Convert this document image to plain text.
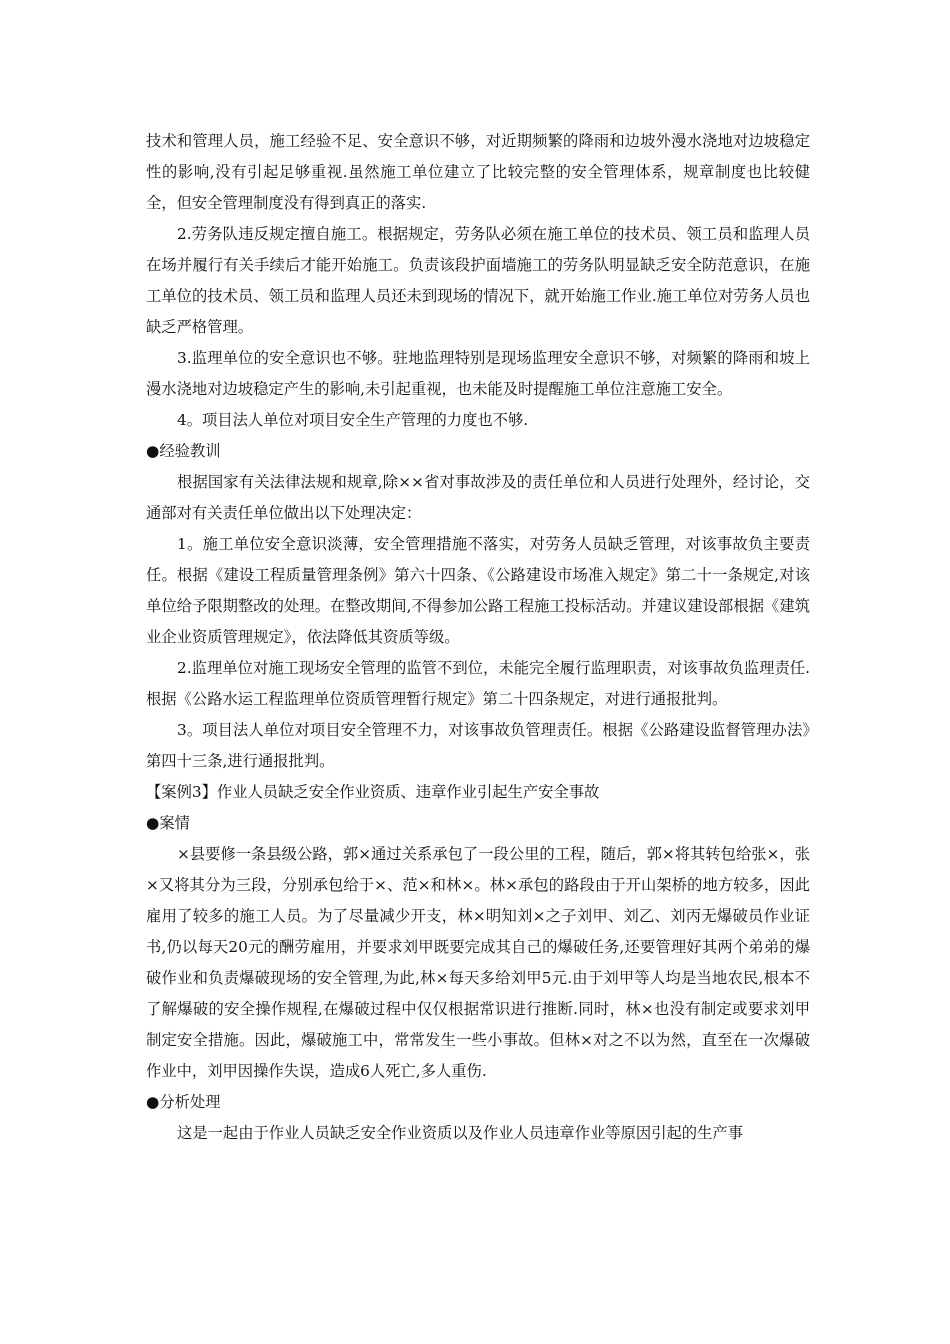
技术和管理人员，施工经验不足、安全意识不够，对近期频繁的降雨和边坡外漫水浇地对边坡稳定性的影响,没有引起足够重视.虽然施工单位建立了比较完整的安全管理体系，规章制度也比较健全，但安全管理制度没有得到真正的落实.

2.劳务队违反规定擅自施工。根据规定，劳务队必须在施工单位的技术员、领工员和监理人员在场并履行有关手续后才能开始施工。负责该段护面墙施工的劳务队明显缺乏安全防范意识，在施工单位的技术员、领工员和监理人员还未到现场的情况下，就开始施工作业.施工单位对劳务人员也缺乏严格管理。

3.监理单位的安全意识也不够。驻地监理特别是现场监理安全意识不够，对频繁的降雨和坡上漫水浇地对边坡稳定产生的影响,未引起重视，也未能及时提醒施工单位注意施工安全。

4。项目法人单位对项目安全生产管理的力度也不够.

●经验教训

根据国家有关法律法规和规章,除××省对事故涉及的责任单位和人员进行处理外，经讨论，交通部对有关责任单位做出以下处理决定：

1。施工单位安全意识淡薄，安全管理措施不落实，对劳务人员缺乏管理，对该事故负主要责任。根据《建设工程质量管理条例》第六十四条、《公路建设市场准入规定》第二十一条规定,对该单位给予限期整改的处理。在整改期间,不得参加公路工程施工投标活动。并建议建设部根据《建筑业企业资质管理规定》，依法降低其资质等级。

2.监理单位对施工现场安全管理的监管不到位，未能完全履行监理职责，对该事故负监理责任.根据《公路水运工程监理单位资质管理暂行规定》第二十四条规定，对进行通报批判。

3。项目法人单位对项目安全管理不力，对该事故负管理责任。根据《公路建设监督管理办法》第四十三条,进行通报批判。

【案例3】作业人员缺乏安全作业资质、违章作业引起生产安全事故

●案情

×县要修一条县级公路，郭×通过关系承包了一段公里的工程，随后，郭×将其转包给张×，张×又将其分为三段，分别承包给于×、范×和林×。林×承包的路段由于开山架桥的地方较多，因此雇用了较多的施工人员。为了尽量减少开支，林×明知刘×之子刘甲、刘乙、刘丙无爆破员作业证书,仍以每天20元的酬劳雇用，并要求刘甲既要完成其自己的爆破任务,还要管理好其两个弟弟的爆破作业和负责爆破现场的安全管理,为此,林×每天多给刘甲5元.由于刘甲等人均是当地农民,根本不了解爆破的安全操作规程,在爆破过程中仅仅根据常识进行推断.同时，林×也没有制定或要求刘甲制定安全措施。因此，爆破施工中，常常发生一些小事故。但林×对之不以为然，直至在一次爆破作业中，刘甲因操作失误，造成6人死亡,多人重伤.

●分析处理

这是一起由于作业人员缺乏安全作业资质以及作业人员违章作业等原因引起的生产事
